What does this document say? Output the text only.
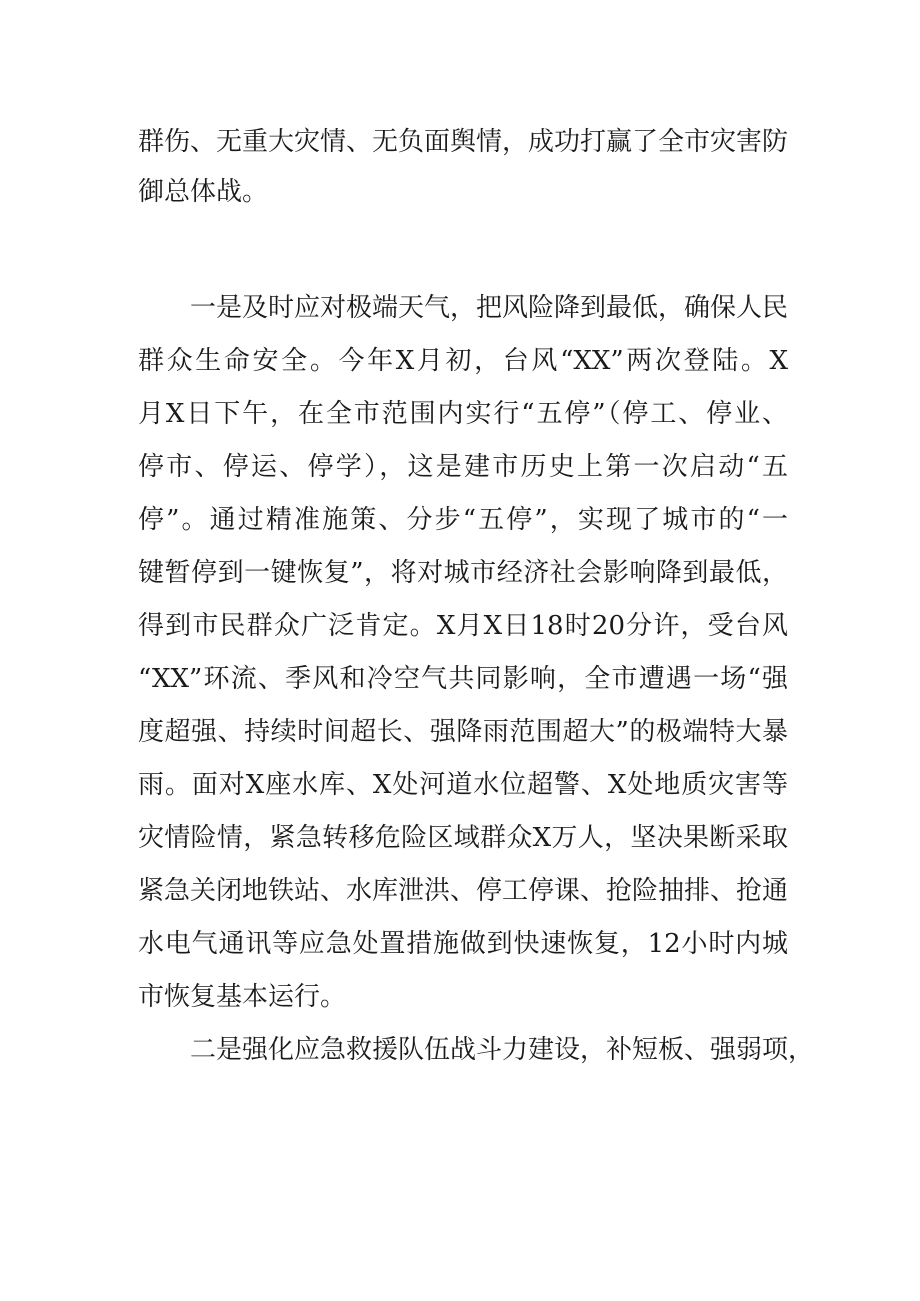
群伤、无重大灾情、无负面舆情，成功打赢了全市灾害防
御总体战。
一是及时应对极端天气，把风险降到最低，确保人民
群众生命安全。今年X月初，台风“XX”两次登陆。X
月X日下午，在全市范围内实行“五停”（停工、停业、
停市、停运、停学），这是建市历史上第一次启动“五
停”。通过精准施策、分步“五停”，实现了城市的“一
键暂停到一键恢复”，将对城市经济社会影响降到最低，
得到市民群众广泛肯定。X月X日18时20分许，受台风
“XX”环流、季风和冷空气共同影响，全市遭遇一场“强
度超强、持续时间超长、强降雨范围超大”的极端特大暴
雨。面对X座水库、X处河道水位超警、X处地质灾害等
灾情险情，紧急转移危险区域群众X万人，坚决果断采取
紧急关闭地铁站、水库泄洪、停工停课、抢险抽排、抢通
水电气通讯等应急处置措施做到快速恢复，12小时内城
市恢复基本运行。
二是强化应急救援队伍战斗力建设，补短板、强弱项，
